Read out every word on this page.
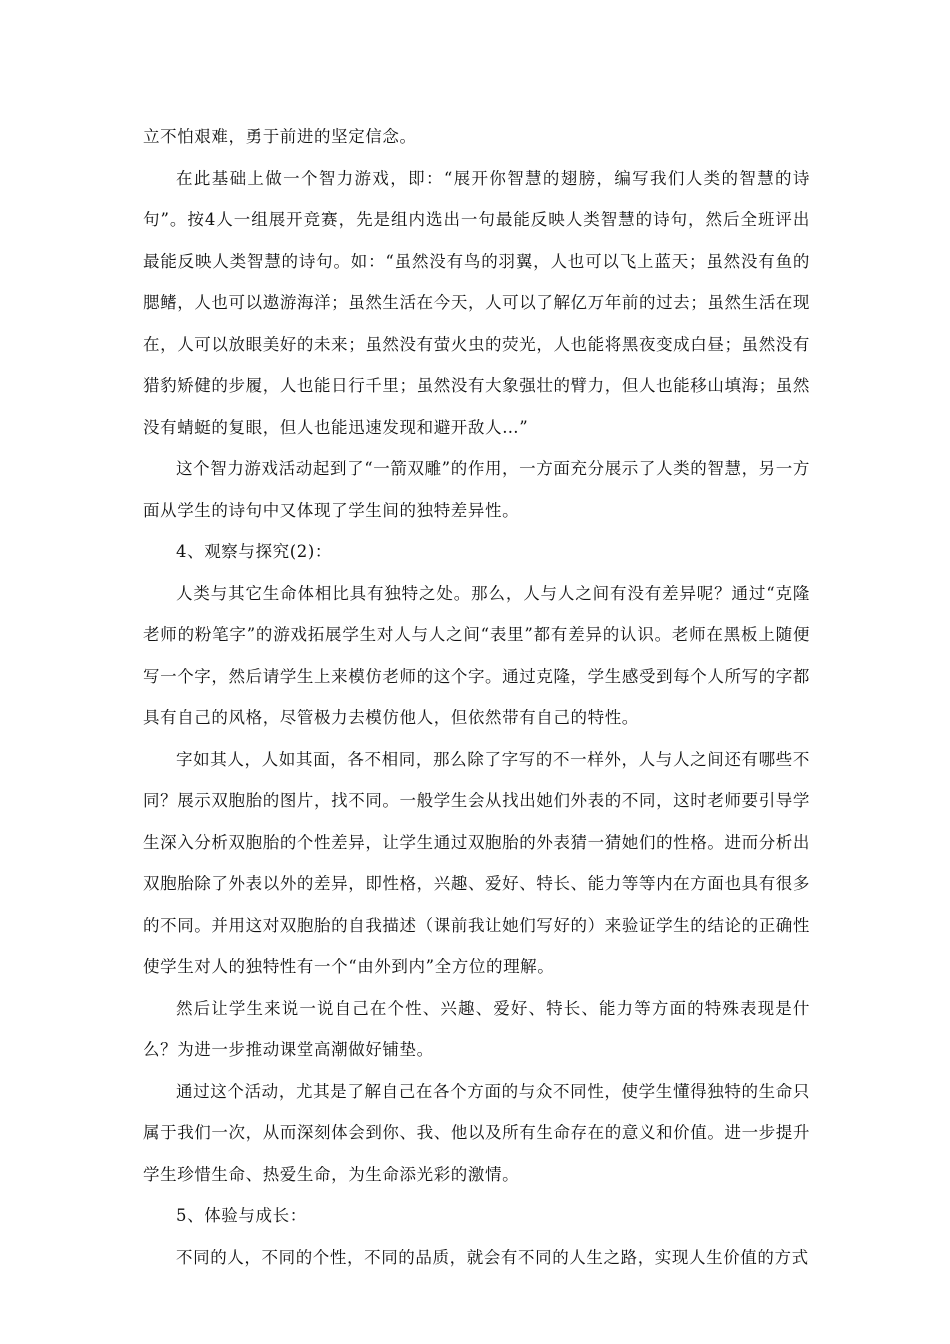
立不怕艰难，勇于前进的坚定信念。

在此基础上做一个智力游戏，即：“展开你智慧的翅膀，编写我们人类的智慧的诗句”。按4人一组展开竞赛，先是组内选出一句最能反映人类智慧的诗句，然后全班评出最能反映人类智慧的诗句。如：“虽然没有鸟的羽翼，人也可以飞上蓝天；虽然没有鱼的腮鳍，人也可以遨游海洋；虽然生活在今天，人可以了解亿万年前的过去；虽然生活在现在，人可以放眼美好的未来；虽然没有萤火虫的荧光，人也能将黑夜变成白昼；虽然没有猎豹矫健的步履，人也能日行千里；虽然没有大象强壮的臂力，但人也能移山填海；虽然没有蜻蜓的复眼，但人也能迅速发现和避开敌人…”

这个智力游戏活动起到了“一箭双雕”的作用，一方面充分展示了人类的智慧，另一方面从学生的诗句中又体现了学生间的独特差异性。

4、观察与探究(2)：

人类与其它生命体相比具有独特之处。那么，人与人之间有没有差异呢？通过“克隆老师的粉笔字”的游戏拓展学生对人与人之间“表里”都有差异的认识。老师在黑板上随便写一个字，然后请学生上来模仿老师的这个字。通过克隆，学生感受到每个人所写的字都具有自己的风格，尽管极力去模仿他人，但依然带有自己的特性。

字如其人，人如其面，各不相同，那么除了字写的不一样外，人与人之间还有哪些不同？展示双胞胎的图片，找不同。一般学生会从找出她们外表的不同，这时老师要引导学生深入分析双胞胎的个性差异，让学生通过双胞胎的外表猜一猜她们的性格。进而分析出双胞胎除了外表以外的差异，即性格，兴趣、爱好、特长、能力等等内在方面也具有很多的不同。并用这对双胞胎的自我描述（课前我让她们写好的）来验证学生的结论的正确性使学生对人的独特性有一个“由外到内”全方位的理解。

然后让学生来说一说自己在个性、兴趣、爱好、特长、能力等方面的特殊表现是什么？为进一步推动课堂高潮做好铺垫。

通过这个活动，尤其是了解自己在各个方面的与众不同性，使学生懂得独特的生命只属于我们一次，从而深刻体会到你、我、他以及所有生命存在的意义和价值。进一步提升学生珍惜生命、热爱生命，为生命添光彩的激情。

5、体验与成长：

不同的人，不同的个性，不同的品质，就会有不同的人生之路，实现人生价值的方式
